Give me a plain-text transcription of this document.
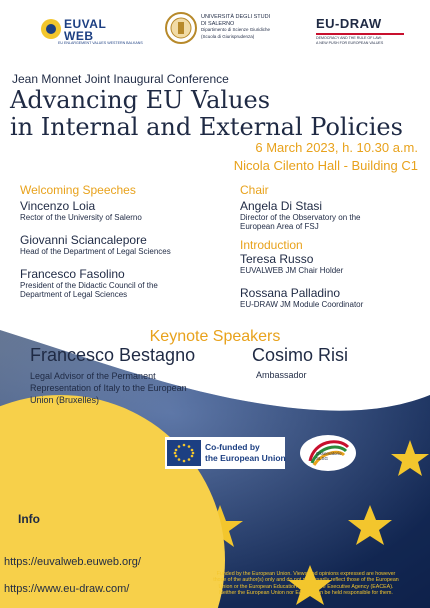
EUVAL WEB
EU ENLARGEMENT VALUES WESTERN BALKANS
UNIVERSITÀ DEGLI STUDI
DI SALERNO
Dipartimento di Scienze Giuridiche
(Scuola di Giurisprudenza)
EU-DRAW
DEMOCRACY AND THE RULE OF LAW:
A NEW PUSH FOR EUROPEAN VALUES
Jean Monnet Joint Inaugural Conference
Advancing EU Values
in Internal and External Policies
6 March 2023, h. 10.30 a.m.
Nicola Cilento Hall - Building C1
Welcoming Speeches
Vincenzo Loia
Rector of the University of Salerno
Giovanni Sciancalepore
Head of the Department of Legal Sciences
Francesco Fasolino
President of the Didactic Council of the
Department of Legal Sciences
Chair
Angela Di Stasi
Director of the Observatory on the
European Area of FSJ
Introduction
Teresa Russo
EUVALWEB JM Chair Holder
Rossana Palladino
EU-DRAW JM Module Coordinator
Keynote Speakers
Francesco Bestagno
Legal Advisor of the Permanent
Representation of Italy to the European
Union (Bruxelles)
Cosimo Risi
Ambassador
Co-funded by
the European Union	Osservatorio
SLSG
Info
https://euvalweb.euweb.org/
https://www.eu-draw.com/
Funded by the European Union. Views and opinions expressed are however
those of the author(s) only and do not necessarily reflect those of the European
Union or the European Education and Culture Executive Agency (EACEA).
Neither the European Union nor EACEA can be held responsible for them.
